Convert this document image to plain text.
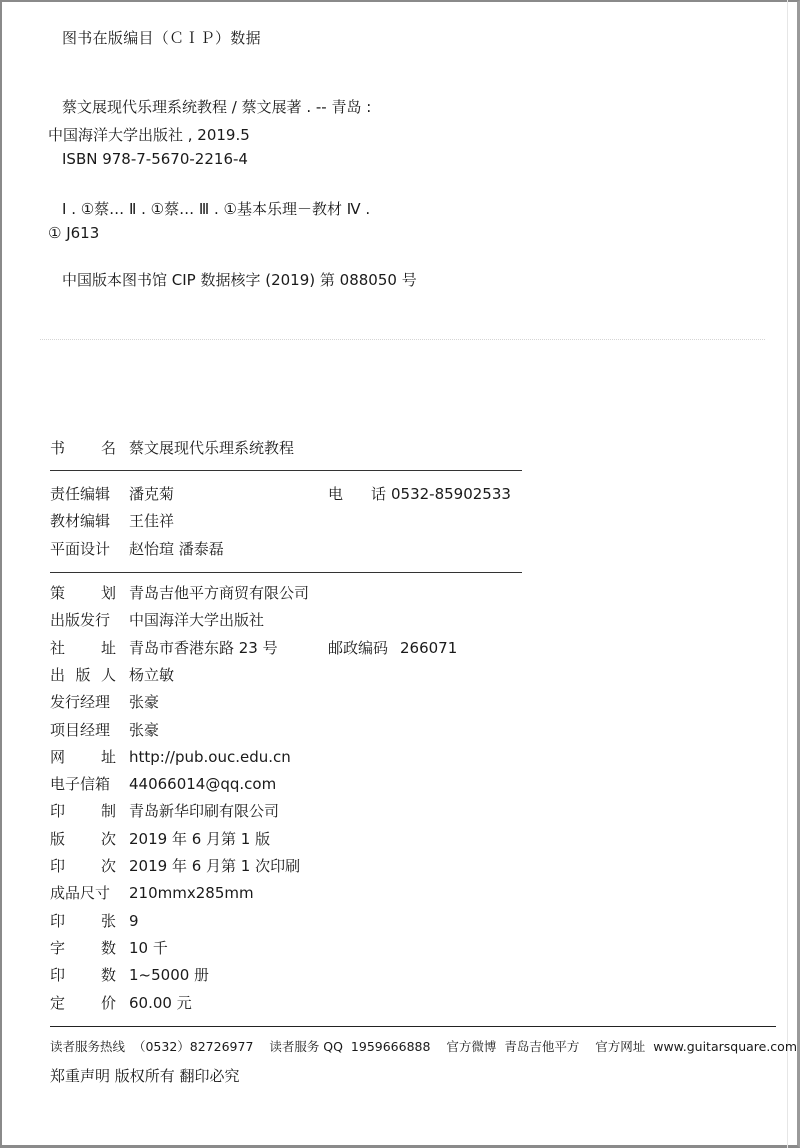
图书在版编目（ＣＩＰ）数据
蔡文展现代乐理系统教程 / 蔡文展著 . -- 青岛 :
中国海洋大学出版社 , 2019.5
ISBN 978-7-5670-2216-4
Ⅰ . ①蔡… Ⅱ . ①蔡… Ⅲ . ①基本乐理－教材 Ⅳ .
① J613
中国版本图书馆 CIP 数据核字 (2019) 第 088050 号
书 名 蔡文展现代乐理系统教程
责任编辑 潘克菊	电 话 0532-85902533
教材编辑 王佳祥
平面设计 赵怡瑄 潘泰磊
策 划 青岛吉他平方商贸有限公司
出版发行 中国海洋大学出版社
社 址 青岛市香港东路 23 号	邮政编码 266071
出 版 人 杨立敏
发行经理 张豪
项目经理 张豪
网 址 http://pub.ouc.edu.cn
电子信箱 44066014@qq.com
印 制 青岛新华印刷有限公司
版 次 2019 年 6 月第 1 版
印 次 2019 年 6 月第 1 次印刷
成品尺寸 210mmx285mm
印 张 9
字 数 10 千
印 数 1~5000 册
定 价 60.00 元
读者服务热线 （0532）82726977 读者服务 QQ 1959666888 官方微博 青岛吉他平方 官方网址 www.guitarsquare.com
郑重声明 版权所有 翻印必究
